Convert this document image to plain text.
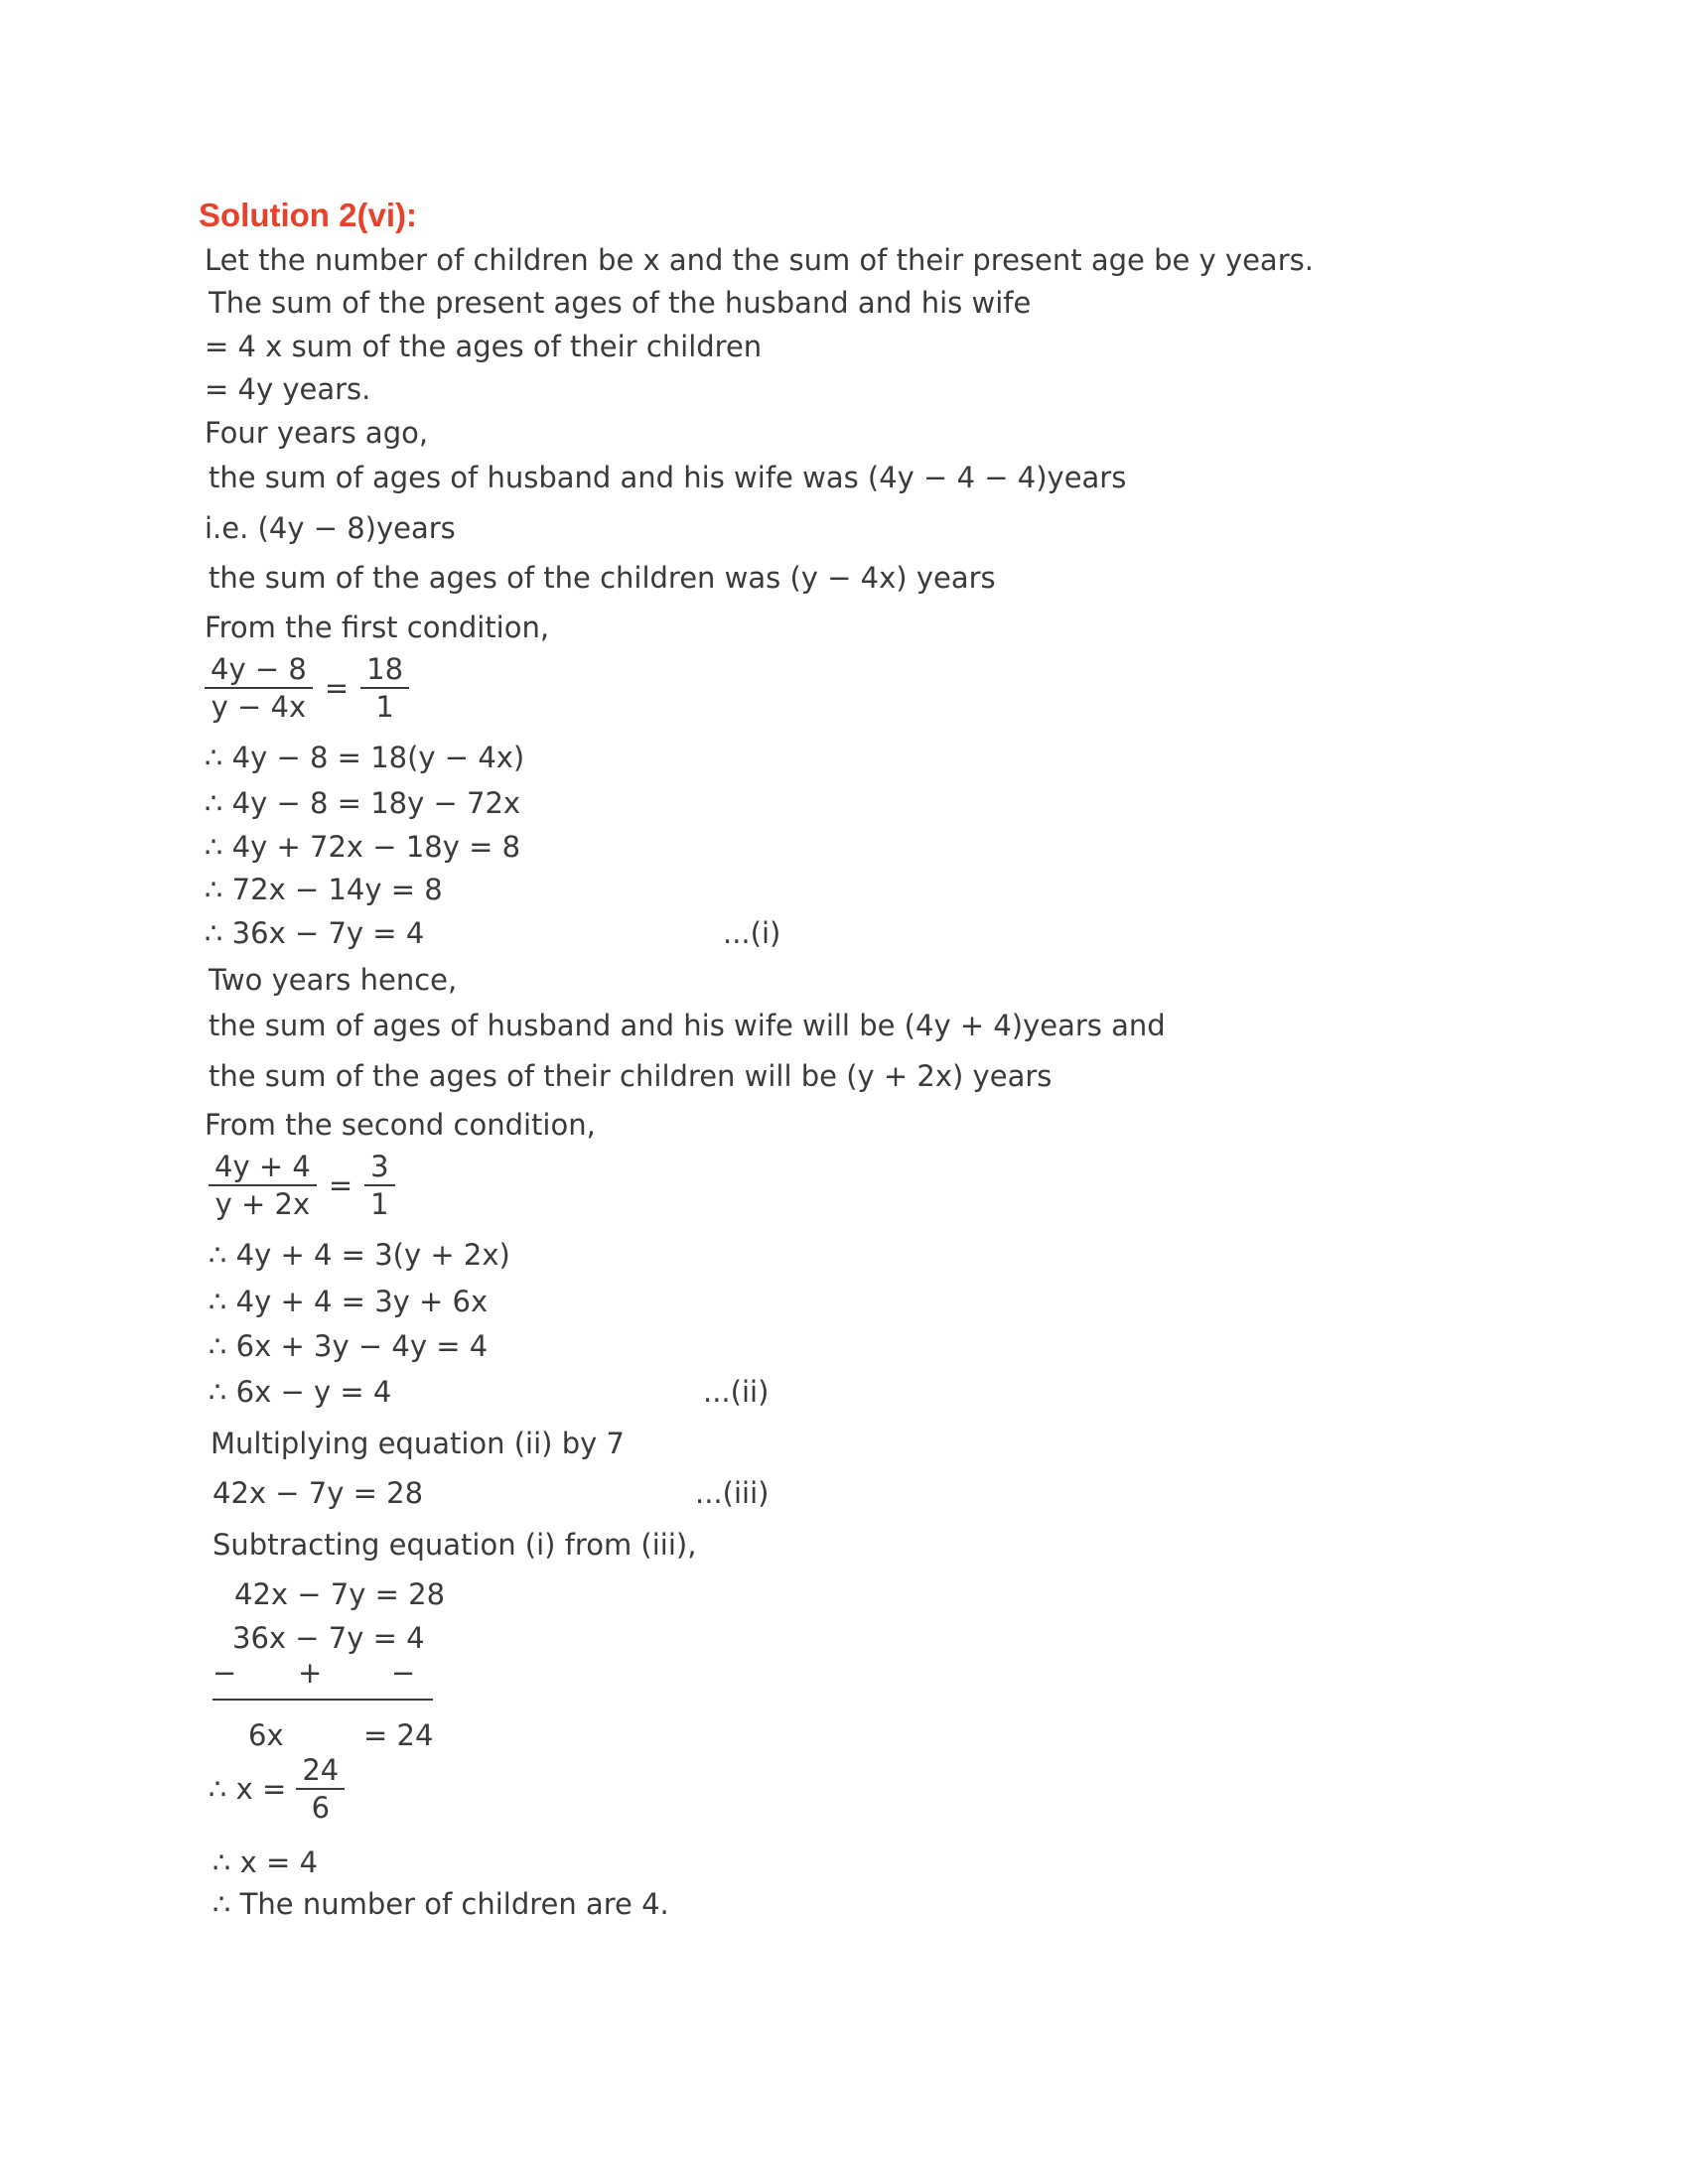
Solution 2(vi):
Let the number of children be x and the sum of their present age be y years.
The sum of the present ages of the husband and his wife
= 4 x sum of the ages of their children
= 4y years.
Four years ago,
the sum of ages of husband and his wife was (4y − 4 − 4)years
i.e. (4y − 8)years
the sum of the ages of the children was (y − 4x) years
From the first condition,
$\frac{4y - 8}{y - 4x} = \frac{18}{1}$
∴ 4y − 8 = 18(y − 4x)
∴ 4y − 8 = 18y − 72x
∴ 4y + 72x − 18y = 8
∴ 72x − 14y = 8
∴ 36x − 7y = 4	...(i)
Two years hence,
the sum of ages of husband and his wife will be (4y + 4)years and
the sum of the ages of their children will be (y + 2x) years
From the second condition,
$\frac{4y + 4}{y + 2x} = \frac{3}{1}$
∴ 4y + 4 = 3(y + 2x)
∴ 4y + 4 = 3y + 6x
∴ 6x + 3y − 4y = 4
∴ 6x − y = 4	...(ii)
Multiplying equation (ii) by 7
42x − 7y = 28	...(iii)
Subtracting equation (i) from (iii),
42x − 7y = 28
36x − 7y = 4
− + −
6x	= 24
∴ $x = \frac{24}{6}$
∴ x = 4
∴ The number of children are 4.
